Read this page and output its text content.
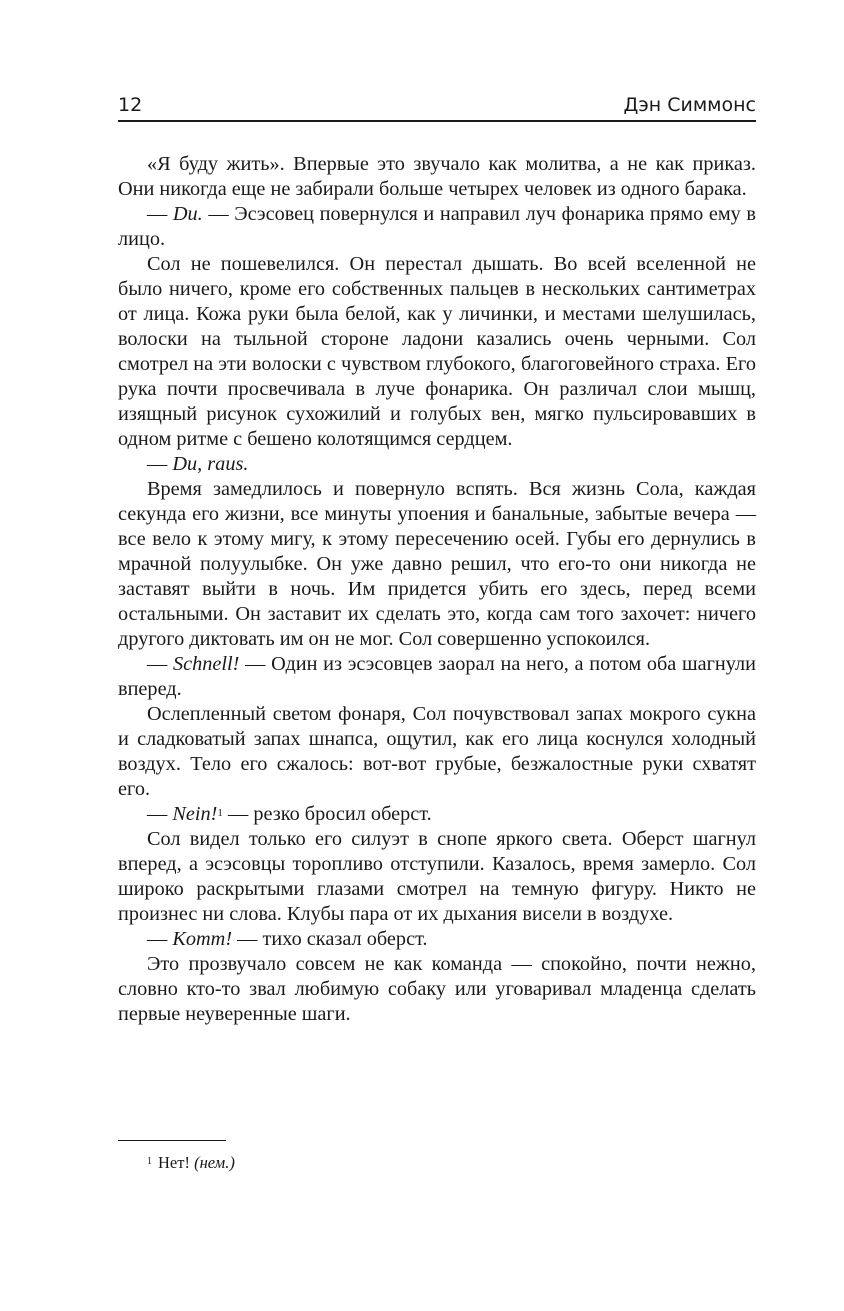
12	Дэн Симмонс

«Я буду жить». Впервые это звучало как молитва, а не как приказ. Они никогда еще не забирали больше четырех человек из одного барака.

— Du. — Эсэсовец повернулся и направил луч фонарика прямо ему в лицо.

Сол не пошевелился. Он перестал дышать. Во всей вселенной не было ничего, кроме его собственных пальцев в нескольких сантиметрах от лица. Кожа руки была белой, как у личинки, и местами шелушилась, волоски на тыльной стороне ладони казались очень черными. Сол смотрел на эти волоски с чувством глубокого, благоговейного страха. Его рука почти просвечивала в луче фонарика. Он различал слои мышц, изящный рисунок сухожилий и голубых вен, мягко пульсировавших в одном ритме с бешено колотящимся сердцем.

— Du, raus.

Время замедлилось и повернуло вспять. Вся жизнь Сола, каждая секунда его жизни, все минуты упоения и банальные, забытые вечера — все вело к этому мигу, к этому пересечению осей. Губы его дернулись в мрачной полуулыбке. Он уже давно решил, что его-то они никогда не заставят выйти в ночь. Им придется убить его здесь, перед всеми остальными. Он заставит их сделать это, когда сам того захочет: ничего другого диктовать им он не мог. Сол совершенно успокоился.

— Schnell! — Один из эсэсовцев заорал на него, а потом оба шагнули вперед.

Ослепленный светом фонаря, Сол почувствовал запах мокрого сукна и сладковатый запах шнапса, ощутил, как его лица коснулся холодный воздух. Тело его сжалось: вот-вот грубые, безжалостные руки схватят его.

— Nein!$^1$ — резко бросил оберст.

Сол видел только его силуэт в снопе яркого света. Оберст шагнул вперед, а эсэсовцы торопливо отступили. Казалось, время замерло. Сол широко раскрытыми глазами смотрел на темную фигуру. Никто не произнес ни слова. Клубы пара от их дыхания висели в воздухе.

— Komm! — тихо сказал оберст.

Это прозвучало совсем не как команда — спокойно, почти нежно, словно кто-то звал любимую собаку или уговаривал младенца сделать первые неуверенные шаги.

$^1$ Нет! (нем.)
